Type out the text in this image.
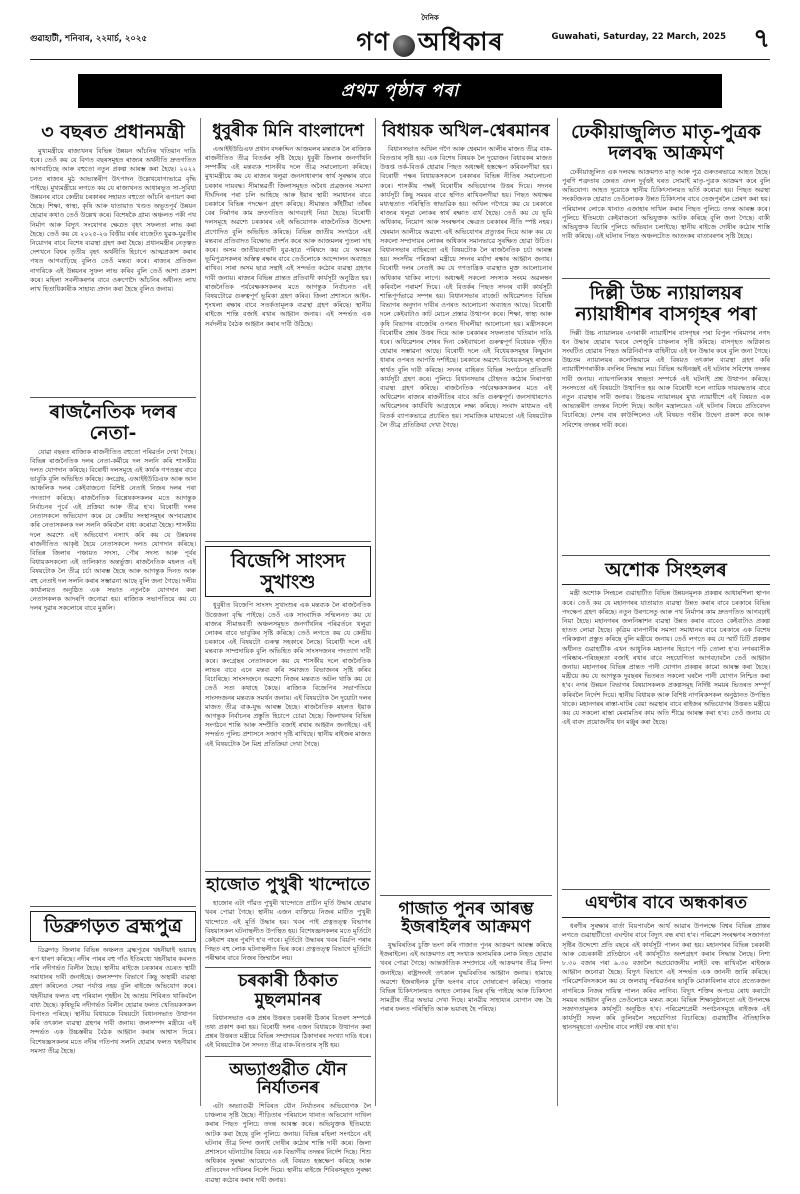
গুৱাহাটী, শনিবাৰ, ২২মাৰ্চ, ২০২৫
দৈনিক
গণ অধিকাৰ	Guwahati, Saturday, 22 March, 2025 ৭
প্ৰথম পৃষ্ঠাৰ পৰা
৩ বছৰত প্ৰধানমন্ত্ৰী
মুখ্যমন্ত্ৰীয়ে ৰাজ্যখনৰ বিভিন্ন উন্নয়ন আঁচনিৰ খতিয়ান দাঙি ধৰে। তেওঁ কয় যে বিগত বছৰসমূহত ৰাজ্যৰ অৰ্থনীতি দ্ৰুতগতিত আগবাঢ়িছে আৰু বহুতো নতুন প্ৰকল্প আৰম্ভ কৰা হৈছে। ২০২২ চনত ৰাজ্যৰ মুঠ আভ্যন্তৰীণ উৎপাদন উল্লেখযোগ্যভাৱে বৃদ্ধি পাইছে। মুখ্যমন্ত্ৰীয়ে লগতে কয় যে ৰাজ্যখনত আধাৰভূত সা-সুবিধা উন্নয়নৰ বাবে কেন্দ্ৰীয় চৰকাৰৰ সহায়ত বহুতো আঁচনি ৰূপায়ণ কৰা হৈছে। শিক্ষা, স্বাস্থ্য, কৃষি আৰু যাতায়াত খণ্ডত অভূতপূৰ্ব উন্নয়ন হোৱাৰ কথাও তেওঁ উল্লেখ কৰে। বিশেষকৈ গ্ৰাম্য অঞ্চলত পকী পথ নিৰ্মাণ আৰু বিদ্যুৎ সংযোগৰ ক্ষেত্ৰত বৃহৎ সফলতা লাভ কৰা হৈছে। তেওঁ কয় যে ২০২৫-২৬ বিত্তীয় বৰ্ষৰ বাজেটত যুৱক-যুৱতীৰ নিয়োগৰ বাবে বিশেষ ব্যৱস্থা গ্ৰহণ কৰা হৈছে। প্ৰধানমন্ত্ৰীৰ নেতৃত্বত দেশখনে বিশ্বৰ তৃতীয় বৃহৎ অৰ্থনীতি হিচাপে আত্মপ্ৰকাশ কৰাৰ পথত আগবাঢ়িছে বুলিও তেওঁ মন্তব্য কৰে। ৰাজ্যৰ প্ৰতিজন নাগৰিকে এই উন্নয়নৰ সুফল লাভ কৰিব বুলি তেওঁ আশা প্ৰকাশ কৰে। মহিলা সবলীকৰণৰ বাবে ওৰুণোদৈ আঁচনিৰ অধীনত লাখ লাখ হিতাধিকাৰীক সাহায্য প্ৰদান কৰা হৈছে বুলিও জনায়।
ৰাজনৈতিক দলৰ নেতা-
যোৱা বছৰত ৰাজ্যিক ৰাজনীতিত বহুতো পৰিৱৰ্তন দেখা গৈছে। বিভিন্ন ৰাজনৈতিক দলৰ নেতা-কৰ্মীয়ে দল সলনি কৰি শাসকীয় দলত যোগদান কৰিছে। বিৰোধী দলসমূহে এই কাৰ্যক গণতন্ত্ৰৰ বাবে ভাবুকি বুলি অভিহিত কৰিছে। কংগ্ৰেছ, এআইইউডিএফ আৰু আন আঞ্চলিক দলৰ কেইবাজনো বিশিষ্ট নেতাই নিজৰ দলৰ পৰা পদত্যাগ কৰিছে। ৰাজনৈতিক বিশ্লেষকসকলৰ মতে আগন্তুক নিৰ্বাচনৰ পূৰ্বে এই প্ৰক্ৰিয়া আৰু তীব্ৰ হ'ব। বিৰোধী দলৰ নেতাসকলে অভিযোগ কৰে যে কেন্দ্ৰীয় সংস্থাসমূহৰ অপব্যৱহাৰ কৰি নেতাসকলক দল সলনি কৰিবলৈ বাধ্য কৰোৱা হৈছে। শাসকীয় দলে অৱশ্যে এই অভিযোগ নস্যাৎ কৰি কয় যে উন্নয়নৰ ৰাজনীতিত আকৃষ্ট হৈয়ে নেতাসকলে দলত যোগদান কৰিছে। বিভিন্ন জিলাৰ পঞ্চায়ত সদস্য, পৌৰ সদস্য আৰু পূৰ্বৰ বিধায়কসকলো এই তালিকাত অন্তৰ্ভুক্ত। ৰাজনৈতিক মহলত এই বিষয়টোক লৈ তীব্ৰ চৰ্চা আৰম্ভ হৈছে আৰু আগন্তুক দিনত আৰু বহু নেতাই দল সলনি কৰাৰ সম্ভাৱনা আছে বুলি জনা গৈছে। দলীয় কাৰ্যালয়ত অনুষ্ঠিত এক সভাত নতুনকৈ যোগদান কৰা নেতাসকলক আদৰণি জনোৱা হয়। ৰাজ্যিক সভাপতিয়ে কয় যে দলৰ দুৱাৰ সকলোৰে বাবে মুকলি।
ডিব্ৰুগড়ত ব্ৰহ্মপুত্ৰ
ডিব্ৰুগড় জিলাৰ বিভিন্ন অঞ্চলত ব্ৰহ্মপুত্ৰৰ খহনীয়াই ভয়াবহ ৰূপ ধাৰণ কৰিছে। নদীৰ পাৰৰ বহু গাঁও ইতিমধ্যে খহনীয়াৰ কবলত পৰি নদীগৰ্ভত বিলীন হৈছে। স্থানীয় ৰাইজে চৰকাৰৰ ওচৰত স্থায়ী সমাধানৰ দাবী জনাইছে। জলসম্পদ বিভাগে কিছু অস্থায়ী ব্যৱস্থা গ্ৰহণ কৰিলেও সেয়া পৰ্যাপ্ত নহয় বুলি ৰাইজে অভিযোগ কৰে। খহনীয়াৰ ফলত বহু পৰিয়াল গৃহহীন হৈ আশ্ৰয় শিবিৰত থাকিবলৈ বাধ্য হৈছে। কৃষিভূমি নদীগৰ্ভত বিলীন হোৱাৰ ফলত খেতিয়কসকল বিপাংত পৰিছে। স্থানীয় বিধায়কে বিষয়টো বিধানসভাত উত্থাপন কৰি তৎকাল ব্যৱস্থা গ্ৰহণৰ দাবী জনায়। জলসম্পদ মন্ত্ৰীয়ে এই সন্দৰ্ভত এক উচ্চস্তৰীয় বৈঠক আহ্বান কৰাৰ আশ্বাস দিয়ে। বিশেষজ্ঞসকলৰ মতে নদীৰ গতিপথ সলনি হোৱাৰ ফলত খহনীয়াৰ সমস্যা তীব্ৰ হৈছে।
ধুবুৰীক মিনি বাংলাদেশ
এআইইউডিএফ প্ৰধান বদৰুদ্দিন আজমলৰ মন্তব্যক লৈ ৰাজ্যিক ৰাজনীতিত তীব্ৰ বিতৰ্কৰ সৃষ্টি হৈছে। ধুবুৰী জিলাৰ জনগাঁথনি সম্পৰ্কীয় এই মন্তব্যক শাসকীয় দলে তীব্ৰ সমালোচনা কৰিছে। মুখ্যমন্ত্ৰীয়ে কয় যে ৰাজ্যৰ থলুৱা জনসাধাৰণৰ স্বাৰ্থ সুৰক্ষাৰ বাবে চৰকাৰ দায়বদ্ধ। সীমান্তৱৰ্তী জিলাসমূহত অবৈধ প্ৰব্ৰজনৰ সমস্যা দীৰ্ঘদিনৰ পৰা চলি আহিছে আৰু ইয়াৰ স্থায়ী সমাধানৰ বাবে চৰকাৰে বিভিন্ন পদক্ষেপ গ্ৰহণ কৰিছে। সীমান্তত কাঁইটীয়া তাঁৰৰ বেৰ নিৰ্মাণৰ কাম দ্ৰুতগতিত আগবঢ়াই নিয়া হৈছে। বিৰোধী দলসমূহে অৱশ্যে চৰকাৰৰ এই অভিযোগক ৰাজনৈতিক উদ্দেশ্য প্ৰণোদিত বুলি অভিহিত কৰিছে। বিভিন্ন জাতীয় সংগঠনে এই মন্তব্যৰ প্ৰতিবাদত বিক্ষোভ প্ৰদৰ্শন কৰে আৰু আজমলৰ পুতলা দাহ কৰে। অসম জাতীয়তাবাদী যুৱ-ছাত্ৰ পৰিষদে কয় যে অসমৰ ভূমিপুত্ৰসকলৰ অস্তিত্ব ৰক্ষাৰ বাবে তেওঁলোকে আন্দোলন অব্যাহত ৰাখিব। সাৰা অসম ছাত্ৰ সন্থাই এই সন্দৰ্ভত কঠোৰ ব্যৱস্থা গ্ৰহণৰ দাবী জনায়। ৰাজ্যৰ বিভিন্ন প্ৰান্তত প্ৰতিবাদী কাৰ্যসূচী অনুষ্ঠিত হয়। ৰাজনৈতিক পৰ্যবেক্ষকসকলৰ মতে আগন্তুক নিৰ্বাচনত এই বিষয়টোৱে গুৰুত্বপূৰ্ণ ভূমিকা গ্ৰহণ কৰিব। জিলা প্ৰশাসনে আইন-শৃংখলা ৰক্ষাৰ বাবে সতৰ্কতামূলক ব্যৱস্থা গ্ৰহণ কৰিছে। স্থানীয় ৰাইজে শান্তি বজাই ৰখাৰ আহ্বান জনায়। এই সন্দৰ্ভত এক সৰ্বদলীয় বৈঠক আহ্বান কৰাৰ দাবী উঠিছে।
বিজেপি সাংসদ সুখাংশু
ধুবুৰীত বিজেপি সাংসদ সুখাংশুৰ এক মন্তব্যক লৈ ৰাজনৈতিক উত্তেজনা বৃদ্ধি পাইছে। তেওঁ এক সাংবাদিক সন্মিলনত কয় যে ৰাজ্যৰ সীমান্তবৰ্তী অঞ্চলসমূহত জনগাঁথনিৰ পৰিৱৰ্তনে থলুৱা লোকৰ বাবে ভাবুকিৰ সৃষ্টি কৰিছে। তেওঁ লগতে কয় যে কেন্দ্ৰীয় চৰকাৰে এই বিষয়টো গুৰুত্ব সহকাৰে লৈছে। বিৰোধী দলে এই মন্তব্যক সাম্প্ৰদায়িক বুলি অভিহিত কৰি সাংসদজনৰ পদত্যাগ দাবী কৰে। কংগ্ৰেছৰ নেতাসকলে কয় যে শাসকীয় দলে ৰাজনৈতিক লাভৰ বাবে এনে মন্তব্য কৰি সমাজত বিভাজনৰ সৃষ্টি কৰিব বিচাৰিছে। সাংসদজনে অৱশ্যে নিজৰ মন্তব্যত অটল থাকি কয় যে তেওঁ সত্য কথাহে কৈছে। ৰাজ্যিক বিজেপিৰ সভাপতিয়ে সাংসদজনৰ মন্তব্যক সমৰ্থন জনায়। এই বিষয়টোক লৈ দুয়োটা দলৰ মাজত তীব্ৰ বাক-যুদ্ধ আৰম্ভ হৈছে। ৰাজনৈতিক মহলত ইয়াক আগন্তুক নিৰ্বাচনৰ প্ৰস্তুতি হিচাপে চোৱা হৈছে। জিলাখনৰ বিভিন্ন সংগঠনে শান্তি আৰু সম্প্ৰীতি বজাই ৰখাৰ আহ্বান জনাইছে। এই সন্দৰ্ভত পুলিচ প্ৰশাসনে সজাগ দৃষ্টি ৰাখিছে। স্থানীয় ৰাইজৰ মাজত এই বিষয়টোক লৈ মিশ্ৰ প্ৰতিক্ৰিয়া দেখা গৈছে।
হাজোত পুখুৰী খান্দোতে
হাজোৰ এটা গাঁৱত পুখুৰী খান্দোতে প্ৰাচীন মূৰ্তি উদ্ধাৰ হোৱাৰ খবৰ পোৱা গৈছে। স্থানীয় এজন ব্যক্তিয়ে নিজৰ মাটিত পুখুৰী খান্দোতে এই মূৰ্তি উদ্ধাৰ হয়। খবৰ পাই প্ৰত্নতত্ত্ব বিভাগৰ বিষয়াসকল ঘটনাস্থলীত উপস্থিত হয়। বিশেষজ্ঞসকলৰ মতে মূৰ্তিটো কেইবাশ বছৰ পুৰণি হ'ব পাৰে। মূৰ্তিটো উদ্ধাৰৰ খবৰ বিয়পি পৰাৰ পিছত বহু লোক ঘটনাস্থলীত ভিৰ কৰে। প্ৰত্নতত্ত্ব বিভাগে মূৰ্তিটো পৰীক্ষাৰ বাবে নিজৰ জিম্মালৈ লয়।
চৰকাৰী ঠিকাত মুছলমানৰ
বিধানসভাত এক প্ৰশ্নৰ উত্তৰত চৰকাৰী ঠিকাৰ বিতৰণ সম্পৰ্কে তথ্য প্ৰকাশ কৰা হয়। বিৰোধী দলৰ এজন বিধায়কে উত্থাপন কৰা প্ৰশ্নৰ উত্তৰত মন্ত্ৰীয়ে বিভিন্ন সম্প্ৰদায়ৰ ঠিকাদাৰৰ সংখ্যা দাঙি ধৰে। এই বিষয়টোক লৈ সদনত তীব্ৰ বাক-বিতণ্ডাৰ সৃষ্টি হয়।
অভ্যাগুৱীত যৌন নিৰ্যাতনৰ
এটা অভ্যাগুৱী শিবিৰত যৌন নিৰ্যাতনৰ অভিযোগক লৈ চাঞ্চল্যৰ সৃষ্টি হৈছে। পীড়িতাৰ পৰিয়ালে থানাত অভিযোগ দাখিল কৰাৰ পিছত পুলিচে তদন্ত আৰম্ভ কৰে। অভিযুক্তক ইতিমধ্যে আটক কৰা হৈছে বুলি পুলিচে জনায়। বিভিন্ন মহিলা সংগঠনে এই ঘটনাৰ তীব্ৰ নিন্দা জনাই দোষীৰ কঠোৰ শাস্তি দাবী কৰে। জিলা প্ৰশাসনে ঘটনাটোৰ বিষয়ে এক বিভাগীয় তদন্তৰ নিৰ্দেশ দিছে। শিশু অধিকাৰ সুৰক্ষা আয়োগেও এই বিষয়ত হস্তক্ষেপ কৰিছে আৰু প্ৰতিবেদন দাখিলৰ নিৰ্দেশ দিয়ে। স্থানীয় ৰাইজে শিবিৰসমূহত সুৰক্ষা ব্যৱস্থা কঠোৰ কৰাৰ দাবী জনায়।
বিধায়ক অখিল-শ্বেৰমানৰ
বিধানসভাত অখিল গগৈ আৰু শ্বেৰমান আলীৰ মাজত তীব্ৰ বাক-বিতণ্ডাৰ সৃষ্টি হয়। এক বিশেষ বিষয়ক লৈ দুয়োজন বিধায়কৰ মাজত উত্তপ্ত তৰ্ক-বিতৰ্ক হোৱাৰ পিছত অধ্যক্ষই হস্তক্ষেপ কৰিবলগীয়া হয়। বিৰোধী পক্ষৰ বিধায়কসকলে চৰকাৰৰ বিভিন্ন নীতিৰ সমালোচনা কৰে। শাসকীয় পক্ষই বিৰোধীৰ অভিযোগৰ উত্তৰ দিয়ে। সদনৰ কাৰ্যসূচী কিছু সময়ৰ বাবে স্থগিত ৰাখিবলগীয়া হয়। পিছত অধ্যক্ষৰ মধ্যস্থতাত পৰিস্থিতি স্বাভাৱিক হয়। অখিল গগৈয়ে কয় যে চৰকাৰে ৰাজ্যৰ থলুৱা লোকৰ স্বাৰ্থ ৰক্ষাত ব্যৰ্থ হৈছে। তেওঁ কয় যে ভূমি অধিকাৰ, নিয়োগ আৰু সংৰক্ষণৰ ক্ষেত্ৰত চৰকাৰৰ নীতি স্পষ্ট নহয়। শ্বেৰমান আলীয়ে অৱশ্যে এই অভিযোগৰ প্ৰত্যুত্তৰ দিয়ে আৰু কয় যে সকলো সম্প্ৰদায়ৰ লোকৰ অধিকাৰ সমানভাৱে সুৰক্ষিত হোৱা উচিত। বিধানসভাৰ বাহিৰতো এই বিষয়টোক লৈ ৰাজনৈতিক চৰ্চা আৰম্ভ হয়। সংসদীয় পৰিক্ৰমা মন্ত্ৰীয়ে সদনৰ মৰ্যাদা ৰক্ষাৰ আহ্বান জনায়। বিৰোধী দলৰ নেতাই কয় যে গণতান্ত্ৰিক ব্যৱস্থাত মুক্ত আলোচনাৰ অধিকাৰ থাকিব লাগে। অধ্যক্ষই সকলো সদস্যক সংযম অৱলম্বন কৰিবলৈ পৰামৰ্শ দিয়ে। এই বিতৰ্কৰ পিছত সদনৰ বাকী কাৰ্যসূচী শান্তিপূৰ্ণভাৱে সম্পন্ন হয়। বিধানসভাৰ বাজেট অধিৱেশনত বিভিন্ন বিভাগৰ অনুদান দাবীৰ ওপৰত আলোচনা অব্যাহত আছে। বিৰোধী দলে কেইবাটাও কাট মোচন প্ৰস্তাৱ উত্থাপন কৰে। শিক্ষা, স্বাস্থ্য আৰু কৃষি বিভাগৰ বাজেটৰ ওপৰত দীঘলীয়া আলোচনা হয়। মন্ত্ৰীসকলে বিৰোধীৰ প্ৰশ্নৰ উত্তৰ দিয়ে আৰু চৰকাৰৰ সফলতাৰ খতিয়ান দাঙি ধৰে। অধিৱেশনৰ শেষৰ দিনা কেইবাখনো গুৰুত্বপূৰ্ণ বিধেয়ক গৃহীত হোৱাৰ সম্ভাৱনা আছে। বিৰোধী দলে এই বিধেয়কসমূহৰ কিছুমান ধাৰাৰ ওপৰত আপত্তি দৰ্শাইছে। চৰকাৰে অৱশ্যে বিধেয়কসমূহ ৰাজ্যৰ স্বাৰ্থত বুলি দাবী কৰিছে। সদনৰ বাহিৰত বিভিন্ন সংগঠনে প্ৰতিবাদী কাৰ্যসূচী গ্ৰহণ কৰে। পুলিচে বিধানসভাৰ চৌহদত কঠোৰ নিৰাপত্তা ব্যৱস্থা গ্ৰহণ কৰিছে। ৰাজনৈতিক পৰ্যবেক্ষকসকলৰ মতে এই অধিৱেশন ৰাজ্যৰ ৰাজনীতিৰ বাবে অতি গুৰুত্বপূৰ্ণ। জনসাধাৰণেও অধিৱেশনৰ কাৰ্যবিধি আগ্ৰহেৰে লক্ষ্য কৰিছে। সংবাদ মাধ্যমত এই বিতৰ্ক ব্যাপকভাৱে প্ৰচাৰিত হয়। সামাজিক মাধ্যমতো এই বিষয়টোক লৈ তীব্ৰ প্ৰতিক্ৰিয়া দেখা গৈছে।
গাজাত পুনৰ আৰম্ভ ইজৰাইলৰ আক্ৰমণ
যুদ্ধবিৰতিৰ চুক্তি ভংগ কৰি গাজাত পুনৰ আক্ৰমণ আৰম্ভ কৰিছে ইজৰাইলে। এই আক্ৰমণত বহু সংখ্যক অসামৰিক লোক নিহত হোৱাৰ খবৰ পোৱা গৈছে। আন্তৰ্জাতিক সম্প্ৰদায়ে এই আক্ৰমণৰ তীব্ৰ নিন্দা জনাইছে। ৰাষ্ট্ৰসংঘই তৎকাল যুদ্ধবিৰতিৰ আহ্বান জনায়। হামাছে অৱশ্যে ইজৰাইলক চুক্তি ভংগৰ বাবে দোষাৰোপ কৰিছে। গাজাৰ বিভিন্ন চিকিৎসালয়ত আহত লোকৰ ভিৰ বৃদ্ধি পাইছে আৰু চিকিৎসা সামগ্ৰীৰ তীব্ৰ অভাৱ দেখা দিছে। মানৱীয় সাহায্যৰ যোগান বন্ধ হৈ পৰাৰ ফলত পৰিস্থিতি আৰু ভয়াবহ হৈ পৰিছে।
ঢেকীয়াজুলিত মাতৃ-পুত্ৰক দলবদ্ধ আক্ৰমণ
ঢেকীয়াজুলিত এক দলবদ্ধ আক্ৰমণত মাতৃ আৰু পুত্ৰ গুৰুতৰভাৱে আহত হৈছে। পুৰণি শত্ৰুতাৰ জেৰত এদল দুৰ্বৃত্তই ঘৰত সোমাই মাতৃ-পুত্ৰক আক্ৰমণ কৰে বুলি অভিযোগ। আহত দুয়োকে স্থানীয় চিকিৎসালয়ত ভৰ্তি কৰোৱা হয়। পিছত অৱস্থা সংকটজনক হোৱাত তেওঁলোকক উন্নত চিকিৎসাৰ বাবে তেজপুৰলৈ প্ৰেৰণ কৰা হয়। পৰিয়ালৰ লোকে থানাত এজাহাৰ দাখিল কৰাৰ পিছত পুলিচে তদন্ত আৰম্ভ কৰে। পুলিচে ইতিমধ্যে কেইবাজনো অভিযুক্তক আটক কৰিছে বুলি জনা গৈছে। বাকী অভিযুক্তক বিচাৰি পুলিচে অভিযান চলাইছে। স্থানীয় ৰাইজে দোষীৰ কঠোৰ শাস্তি দাবী কৰিছে। এই ঘটনাৰ পিছত অঞ্চলটোত আতংকৰ বাতাবৰণৰ সৃষ্টি হৈছে।
দিল্লী উচ্চ ন্যায়ালয়ৰ ন্যায়াধীশৰ বাসগৃহৰ পৰা
দিল্লী উচ্চ ন্যায়ালয়ৰ এগৰাকী ন্যায়াধীশৰ বাসগৃহৰ পৰা বিপুল পৰিমাণৰ নগদ ধন উদ্ধাৰ হোৱাৰ খবৰে দেশজুৰি চাঞ্চল্যৰ সৃষ্টি কৰিছে। বাসগৃহত অগ্নিকাণ্ড সংঘটিত হোৱাৰ পিছত অগ্নিনিৰ্বাপক বাহিনীয়ে এই ধন উদ্ধাৰ কৰে বুলি জনা গৈছে। উচ্চতম ন্যায়ালয়ৰ কলেজিয়ামে এই বিষয়ত তৎকাল ব্যৱস্থা গ্ৰহণ কৰি ন্যায়াধীশগৰাকীক বদলিৰ সিদ্ধান্ত লয়। বিভিন্ন আইনজ্ঞই এই ঘটনাৰ সবিশেষ তদন্তৰ দাবী জনায়। ন্যায়পালিকাৰ স্বচ্ছতা সম্পৰ্কে এই ঘটনাই প্ৰশ্ন উত্থাপন কৰিছে। সংসদতো এই বিষয়টো উত্থাপিত হয় আৰু বিৰোধী দলে ন্যায়িক দায়বদ্ধতাৰ বাবে নতুন ব্যৱস্থাৰ দাবী জনায়। উচ্চতম ন্যায়ালয়ৰ মুখ্য ন্যায়াধীশে এই বিষয়ত এক আভ্যন্তৰীণ তদন্তৰ নিৰ্দেশ দিছে। আইন মন্ত্ৰালয়েও এই ঘটনাৰ বিষয়ে প্ৰতিবেদন বিচাৰিছে। দেশৰ বাৰ কাউন্সিলেও এই বিষয়ত গভীৰ উদ্বেগ প্ৰকাশ কৰে আৰু সবিশেষ তদন্তৰ দাবী কৰে।
অশোক সিংহলৰ
মন্ত্ৰী অশোক সিংহলে গুৱাহাটীত বিভিন্ন উন্নয়নমূলক প্ৰকল্পৰ আধাৰশিলা স্থাপন কৰে। তেওঁ কয় যে মহানগৰৰ যাতায়াত ব্যৱস্থা উন্নত কৰাৰ বাবে চৰকাৰে বিভিন্ন পদক্ষেপ গ্ৰহণ কৰিছে। নতুন উৰণসেতু আৰু পথ নিৰ্মাণৰ কাম দ্ৰুতগতিত আগবঢ়াই নিয়া হৈছে। মহানগৰৰ জলনিষ্কাশন ব্যৱস্থা উন্নত কৰাৰ বাবেও কেইবাটাও প্ৰকল্প হাতত লোৱা হৈছে। কৃত্ৰিম বানপানীৰ সমস্যা সমাধানৰ বাবে চৰকাৰে এক বিশেষ পৰিকল্পনা প্ৰস্তুত কৰিছে বুলি মন্ত্ৰীয়ে জনায়। তেওঁ লগতে কয় যে স্মাৰ্ট চিটি প্ৰকল্পৰ অধীনত গুৱাহাটীক এখন আধুনিক মহানগৰ হিচাপে গঢ়ি তোলা হ'ব। নগৰবাসীক পৰিষ্কাৰ-পৰিচ্ছন্নতা বজাই ৰখাৰ বাবে সহযোগিতা আগবঢ়াবলৈ তেওঁ আহ্বান জনায়। মহানগৰৰ বিভিন্ন প্ৰান্তত পানী যোগান প্ৰকল্পৰ কামো আৰম্ভ কৰা হৈছে। মন্ত্ৰীয়ে কয় যে আগন্তুক দুবছৰৰ ভিতৰত সকলো ঘৰলৈ পানী যোগান নিশ্চিত কৰা হ'ব। নগৰ উন্নয়ন বিভাগৰ বিষয়াসকলক প্ৰকল্পসমূহ নিৰ্দিষ্ট সময়ৰ ভিতৰত সম্পূৰ্ণ কৰিবলৈ নিৰ্দেশ দিয়ে। স্থানীয় বিধায়ক আৰু বিশিষ্ট নাগৰিকসকল অনুষ্ঠানত উপস্থিত থাকে। মহানগৰৰ ৰাস্তা-ঘাটৰ বেয়া অৱস্থাৰ বাবে ৰাইজৰ অভিযোগৰ উত্তৰত মন্ত্ৰীয়ে কয় যে সকলো ৰাস্তা মেৰামতিৰ কাম অতি শীঘ্ৰে আৰম্ভ কৰা হ'ব। তেওঁ জনায় যে এই বাবদ প্ৰয়োজনীয় ধন মঞ্জুৰ কৰা হৈছে।
এঘণ্টাৰ বাবে অন্ধকাৰত
ধৰণীৰ সুৰক্ষাৰ বাৰ্তা বিয়পাবলৈ আর্থ আৱাৰ উপলক্ষে বিশ্বৰ বিভিন্ন প্ৰান্তৰ লগতে গুৱাহাটীতো এঘণ্টাৰ বাবে বিদ্যুৎ বন্ধ ৰখা হ'ব। পৰিৱেশ সংৰক্ষণৰ সজাগতা সৃষ্টিৰ উদ্দেশ্যে প্ৰতি বছৰে এই কাৰ্যসূচী পালন কৰা হয়। মহানগৰৰ বিভিন্ন চৰকাৰী আৰু বেচৰকাৰী প্ৰতিষ্ঠানে এই কাৰ্যসূচীত অংশগ্ৰহণ কৰাৰ সিদ্ধান্ত লৈছে। নিশা ৮.৩০ বজাৰ পৰা ৯.৩০ বজালৈ অপ্ৰয়োজনীয় লাইট বন্ধ ৰাখিবলৈ ৰাইজক আহ্বান জনোৱা হৈছে। বিদ্যুৎ বিভাগে এই সন্দৰ্ভত এক জাননী জাৰি কৰিছে। পৰিৱেশবিদসকলে কয় যে জলবায়ু পৰিৱৰ্তনৰ ভাবুকি মোকাবিলাৰ বাবে প্ৰত্যেকজন নাগৰিকে নিজৰ দায়িত্ব পালন কৰিব লাগিব। বিদ্যুৎ শক্তিৰ অপচয় ৰোধ কৰাটো সময়ৰ আহ্বান বুলিও তেওঁলোকে মন্তব্য কৰে। বিভিন্ন শিক্ষানুষ্ঠানতো এই উপলক্ষে সজাগতামূলক কাৰ্যসূচী অনুষ্ঠিত হ'ব। পৰিৱেশপ্ৰেমী সংগঠনসমূহে ৰাইজক এই কাৰ্যসূচী সফল কৰি তুলিবলৈ সহযোগিতা বিচাৰিছে। গুৱাহাটীৰ ঐতিহাসিক স্থানসমূহতো এঘণ্টাৰ বাবে লাইট বন্ধ ৰখা হ'ব।
